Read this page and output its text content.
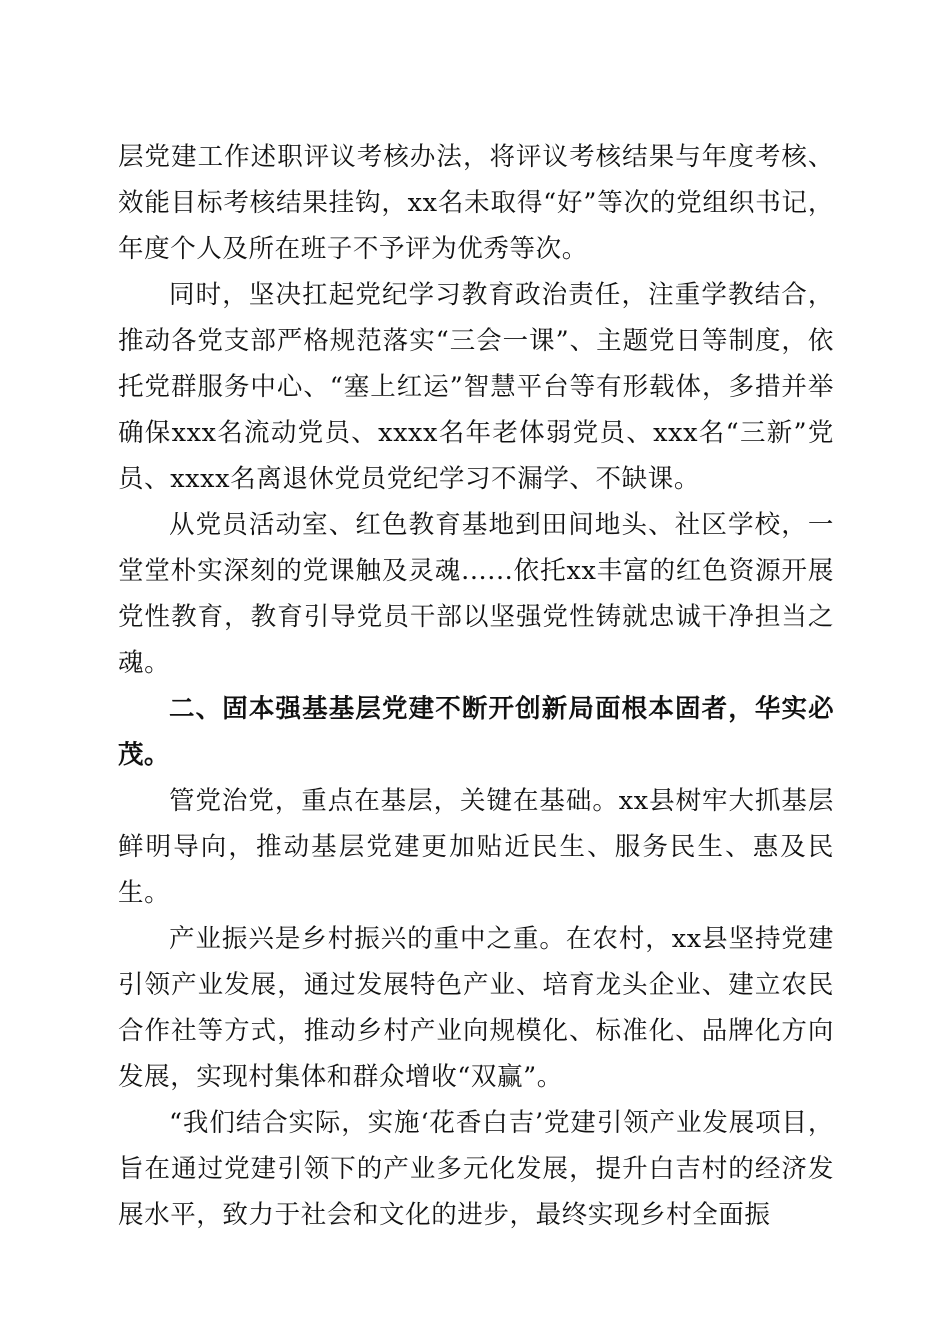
层党建工作述职评议考核办法，将评议考核结果与年度考核、效能目标考核结果挂钩，xx名未取得“好”等次的党组织书记，年度个人及所在班子不予评为优秀等次。

同时，坚决扛起党纪学习教育政治责任，注重学教结合，推动各党支部严格规范落实“三会一课”、主题党日等制度，依托党群服务中心、“塞上红运”智慧平台等有形载体，多措并举确保xxx名流动党员、xxxx名年老体弱党员、xxx名“三新”党员、xxxx名离退休党员党纪学习不漏学、不缺课。

从党员活动室、红色教育基地到田间地头、社区学校，一堂堂朴实深刻的党课触及灵魂......依托xx丰富的红色资源开展党性教育，教育引导党员干部以坚强党性铸就忠诚干净担当之魂。

二、固本强基基层党建不断开创新局面根本固者，华实必茂。

管党治党，重点在基层，关键在基础。xx县树牢大抓基层鲜明导向，推动基层党建更加贴近民生、服务民生、惠及民生。

产业振兴是乡村振兴的重中之重。在农村，xx县坚持党建引领产业发展，通过发展特色产业、培育龙头企业、建立农民合作社等方式，推动乡村产业向规模化、标准化、品牌化方向发展，实现村集体和群众增收“双赢”。

“我们结合实际，实施‘花香白吉’党建引领产业发展项目，旨在通过党建引领下的产业多元化发展，提升白吉村的经济发展水平，致力于社会和文化的进步，最终实现乡村全面振
